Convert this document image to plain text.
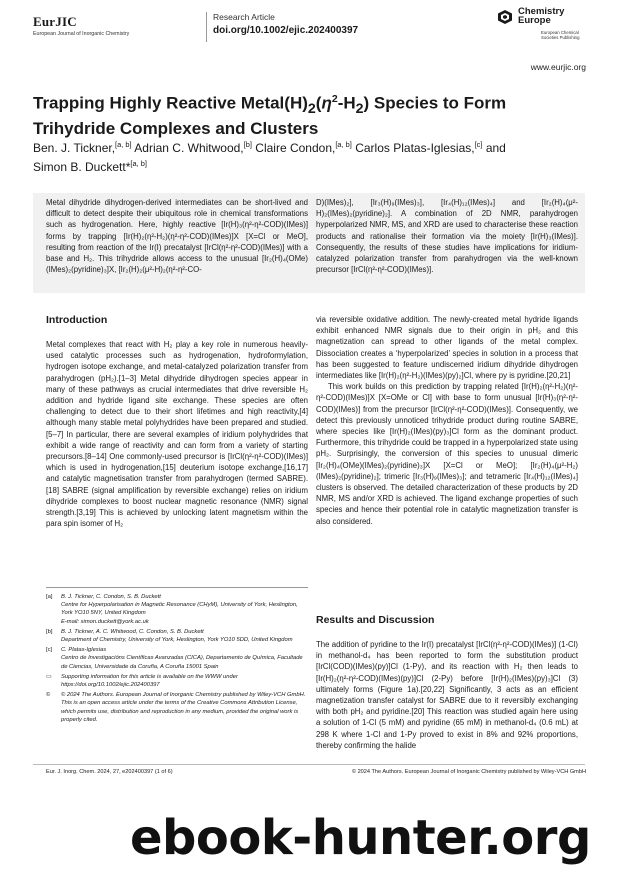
EurJIC
European Journal of Inorganic Chemistry
Research Article
doi.org/10.1002/ejic.202400397
Chemistry
Europe
European Chemical
Societies Publishing
www.eurjic.org
Trapping Highly Reactive $Metal(H)_2(\eta^2-H_2)$ Species to Form
Trihydride Complexes and Clusters
Ben. J. Tickner,[a, b] Adrian C. Whitwood,[b] Claire Condon,[a, b] Carlos Platas-Iglesias,[c] and
Simon B. Duckett*[a, b]
Metal dihydride dihydrogen-derived intermediates can be short-lived and difficult to detect despite their ubiquitous role in chemical transformations such as hydrogenation. Here, highly reactive [Ir(H)₃(η²-η²-COD)(IMes)] forms by trapping [Ir(H)₂(η²-H₂)(η²-η²-COD)(IMes)]X [X=Cl or MeO], resulting from reaction of the Ir(I) precatalyst [IrCl(η²-η²-COD)(IMes)] with a base and H₂. This trihydride allows access to the unusual [Ir₂(H)₄(OMe)(IMes)₂(pyridine)₃]X, [Ir₂(H)₂(μ²-H)₂(η²-η²-CO-
D)(IMes)₂], [Ir₃(H)₉(IMes)₃], [Ir₄(H)₁₂(IMes)₄] and [Ir₂(H)₄(μ²-H)₂(IMes)₂(pyridine)₂]. A combination of 2D NMR, parahydrogen hyperpolarized NMR, MS, and XRD are used to characterise these reaction products and rationalise their formation via the moiety [Ir(H)₃(IMes)]. Consequently, the results of these studies have implications for iridium-catalyzed polarization transfer from parahydrogen via the well-known precursor [IrCl(η²-η²-COD)(IMes)].
Introduction

Metal complexes that react with H₂ play a key role in numerous heavily-used catalytic processes such as hydrogenation, hydroformylation, hydrogen isotope exchange, and metal-catalyzed polarization transfer from parahydrogen (pH₂).[1–3] Metal dihydride dihydrogen species appear in many of these pathways as crucial intermediates that drive reversible H₂ addition and hydride ligand site exchange. These species are often challenging to detect due to their short lifetimes and high reactivity,[4] although many stable metal polyhydrides have been prepared and studied.[5–7] In particular, there are several examples of iridium polyhydrides that exhibit a wide range of reactivity and can form from a variety of starting precursors.[8–14] One commonly-used precursor is [IrCl(η²-η²-COD)(IMes)] which is used in hydrogenation,[15] deuterium isotope exchange,[16,17] and catalytic magnetisation transfer from parahydrogen (termed SABRE).[18] SABRE (signal amplification by reversible exchange) relies on iridium dihydride complexes to boost nuclear magnetic resonance (NMR) signal strength.[3,19] This is achieved by unlocking latent magnetism within the para spin isomer of H₂

via reversible oxidative addition. The newly-created metal hydride ligands exhibit enhanced NMR signals due to their origin in pH₂ and this magnetization can spread to other ligands of the metal complex. Dissociation creates a ‘hyperpolarized’ species in solution in a process that has been suggested to feature undiscerned iridium dihydride dihydrogen intermediates like [Ir(H)₂(η²-H₂)(IMes)(py)₂]Cl, where py is pyridine.[20,21]

This work builds on this prediction by trapping related [Ir(H)₂(η²-H₂)(η²-η²-COD)(IMes)]X [X=OMe or Cl] with base to form unusual [Ir(H)₃(η²-η²-COD)(IMes)] from the precursor [IrCl(η²-η²-COD)(IMes)]. Consequently, we detect this previously unnoticed trihydride product during routine SABRE, where species like [Ir(H)₂(IMes)(py)₃]Cl form as the dominant product. Furthermore, this trihydride could be trapped in a hyperpolarized state using pH₂. Surprisingly, the conversion of this species to unusual dimeric [Ir₂(H)₄(OMe)(IMes)₂(pyridine)₃]X [X=Cl or MeO]; [Ir₂(H)₄(μ²-H₂)(IMes)₂(pyridine)₂]; trimeric [Ir₃(H)₉(IMes)₃]; and tetrameric [Ir₄(H)₁₂(IMes)₄] clusters is observed. The detailed characterization of these products by 2D NMR, MS and/or XRD is achieved. The ligand exchange properties of such species and hence their potential role in catalytic magnetization transfer is also considered.

Results and Discussion

The addition of pyridine to the Ir(I) precatalyst [IrCl(η²-η²-COD)(IMes)] (1-Cl) in methanol-d₄ has been reported to form the substitution product [IrCl(COD)(IMes)(py)]Cl (1-Py), and its reaction with H₂ then leads to [Ir(H)₂(η²-η²-COD)(IMes)(py)]Cl (2-Py) before [Ir(H)₂(IMes)(py)₃]Cl (3) ultimately forms (Figure 1a).[20,22] Significantly, 3 acts as an efficient magnetization transfer catalyst for SABRE due to it reversibly exchanging with both pH₂ and pyridine.[20] This reaction was studied again here using a solution of 1-Cl (5 mM) and pyridine (65 mM) in methanol-d₄ (0.6 mL) at 298 K where 1-Cl and 1-Py proved to exist in 8% and 92% proportions, thereby confirming the halide

[a]	B. J. Tickner, C. Condon, S. B. Duckett
Centre for Hyperpolarisation in Magnetic Resonance (CHyM), University of York, Heslington, York YO10 5NY, United Kingdom
E-mail: simon.duckett@york.ac.uk
[b]	B. J. Tickner, A. C. Whitwood, C. Condon, S. B. Duckett
Department of Chemistry, University of York, Heslington, York YO10 5DD, United Kingdom
[c]	C. Platas-Iglesias
Centro de Investigacións Científicas Avanzadas (CICA), Departamento de Química, Facultade de Ciencias, Universidade da Coruña, A Coruña 15001 Spain
▭	Supporting information for this article is available on the WWW under https://doi.org/10.1002/ejic.202400397
©	© 2024 The Authors. European Journal of Inorganic Chemistry published by Wiley-VCH GmbH. This is an open access article under the terms of the Creative Commons Attribution License, which permits use, distribution and reproduction in any medium, provided the original work is properly cited.
Eur. J. Inorg. Chem. 2024, 27, e202400397 (1 of 6)	© 2024 The Authors. European Journal of Inorganic Chemistry published by Wiley-VCH GmbH
ebook-hunter.org
